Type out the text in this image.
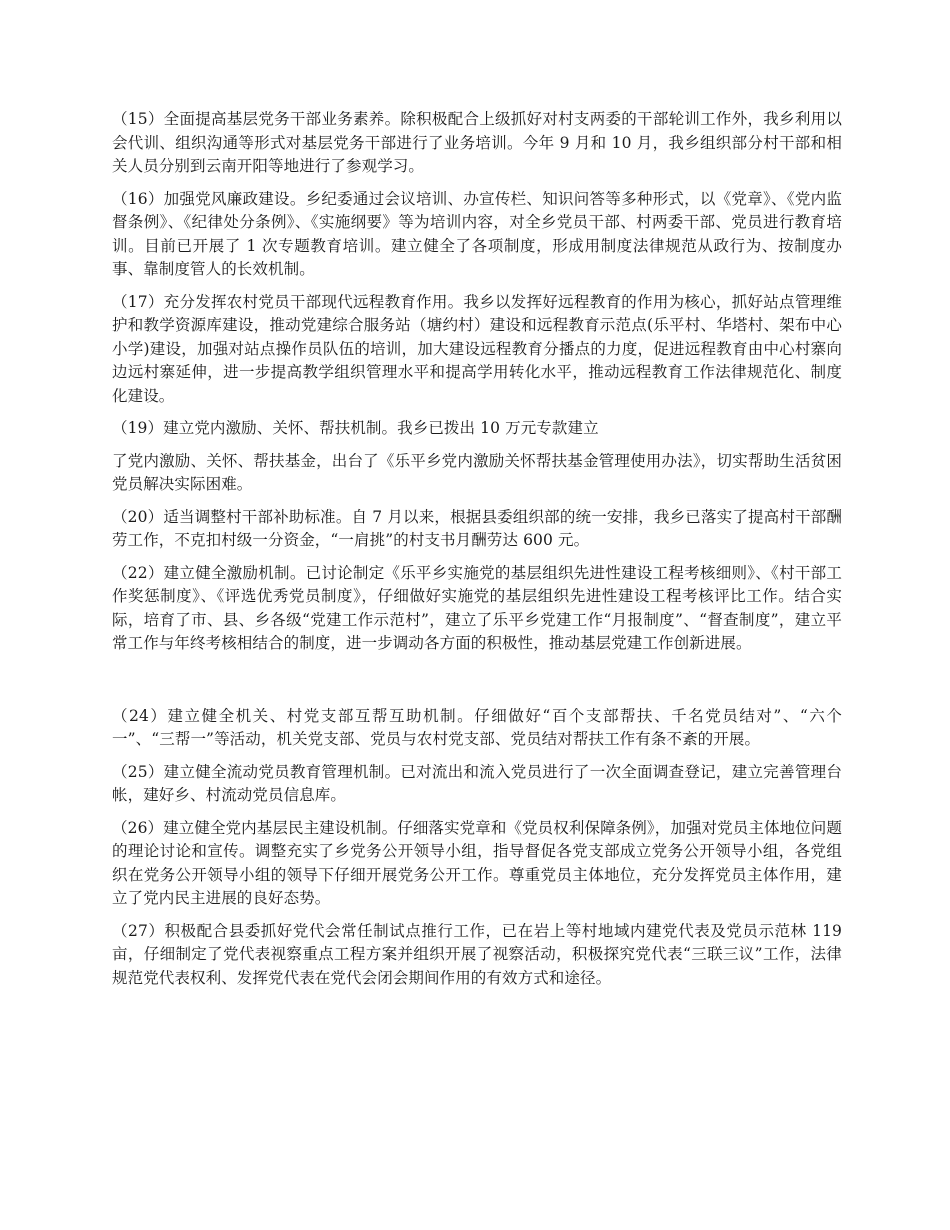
（15）全面提高基层党务干部业务素养。除积极配合上级抓好对村支两委的干部轮训工作外，我乡利用以会代训、组织沟通等形式对基层党务干部进行了业务培训。今年 9 月和 10 月，我乡组织部分村干部和相关人员分别到云南开阳等地进行了参观学习。

（16）加强党风廉政建设。乡纪委通过会议培训、办宣传栏、知识问答等多种形式，以《党章》、《党内监督条例》、《纪律处分条例》、《实施纲要》等为培训内容，对全乡党员干部、村两委干部、党员进行教育培训。目前已开展了 1 次专题教育培训。建立健全了各项制度，形成用制度法律规范从政行为、按制度办事、靠制度管人的长效机制。

（17）充分发挥农村党员干部现代远程教育作用。我乡以发挥好远程教育的作用为核心，抓好站点管理维护和教学资源库建设，推动党建综合服务站（塘约村）建设和远程教育示范点(乐平村、华塔村、架布中心小学)建设，加强对站点操作员队伍的培训，加大建设远程教育分播点的力度，促进远程教育由中心村寨向边远村寨延伸，进一步提高教学组织管理水平和提高学用转化水平，推动远程教育工作法律规范化、制度化建设。

（19）建立党内激励、关怀、帮扶机制。我乡已拨出 10 万元专款建立

了党内激励、关怀、帮扶基金，出台了《乐平乡党内激励关怀帮扶基金管理使用办法》，切实帮助生活贫困党员解决实际困难。

（20）适当调整村干部补助标准。自 7 月以来，根据县委组织部的统一安排，我乡已落实了提高村干部酬劳工作，不克扣村级一分资金，“一肩挑”的村支书月酬劳达 600 元。

（22）建立健全激励机制。已讨论制定《乐平乡实施党的基层组织先进性建设工程考核细则》、《村干部工作奖惩制度》、《评选优秀党员制度》，仔细做好实施党的基层组织先进性建设工程考核评比工作。结合实际，培育了市、县、乡各级“党建工作示范村”，建立了乐平乡党建工作“月报制度”、“督查制度”，建立平常工作与年终考核相结合的制度，进一步调动各方面的积极性，推动基层党建工作创新进展。

（24）建立健全机关、村党支部互帮互助机制。仔细做好“百个支部帮扶、千名党员结对”、“六个一”、“三帮一”等活动，机关党支部、党员与农村党支部、党员结对帮扶工作有条不紊的开展。

（25）建立健全流动党员教育管理机制。已对流出和流入党员进行了一次全面调查登记，建立完善管理台帐，建好乡、村流动党员信息库。

（26）建立健全党内基层民主建设机制。仔细落实党章和《党员权利保障条例》，加强对党员主体地位问题的理论讨论和宣传。调整充实了乡党务公开领导小组，指导督促各党支部成立党务公开领导小组，各党组织在党务公开领导小组的领导下仔细开展党务公开工作。尊重党员主体地位，充分发挥党员主体作用，建立了党内民主进展的良好态势。

（27）积极配合县委抓好党代会常任制试点推行工作，已在岩上等村地域内建党代表及党员示范林 119 亩，仔细制定了党代表视察重点工程方案并组织开展了视察活动，积极探究党代表“三联三议”工作，法律规范党代表权利、发挥党代表在党代会闭会期间作用的有效方式和途径。
